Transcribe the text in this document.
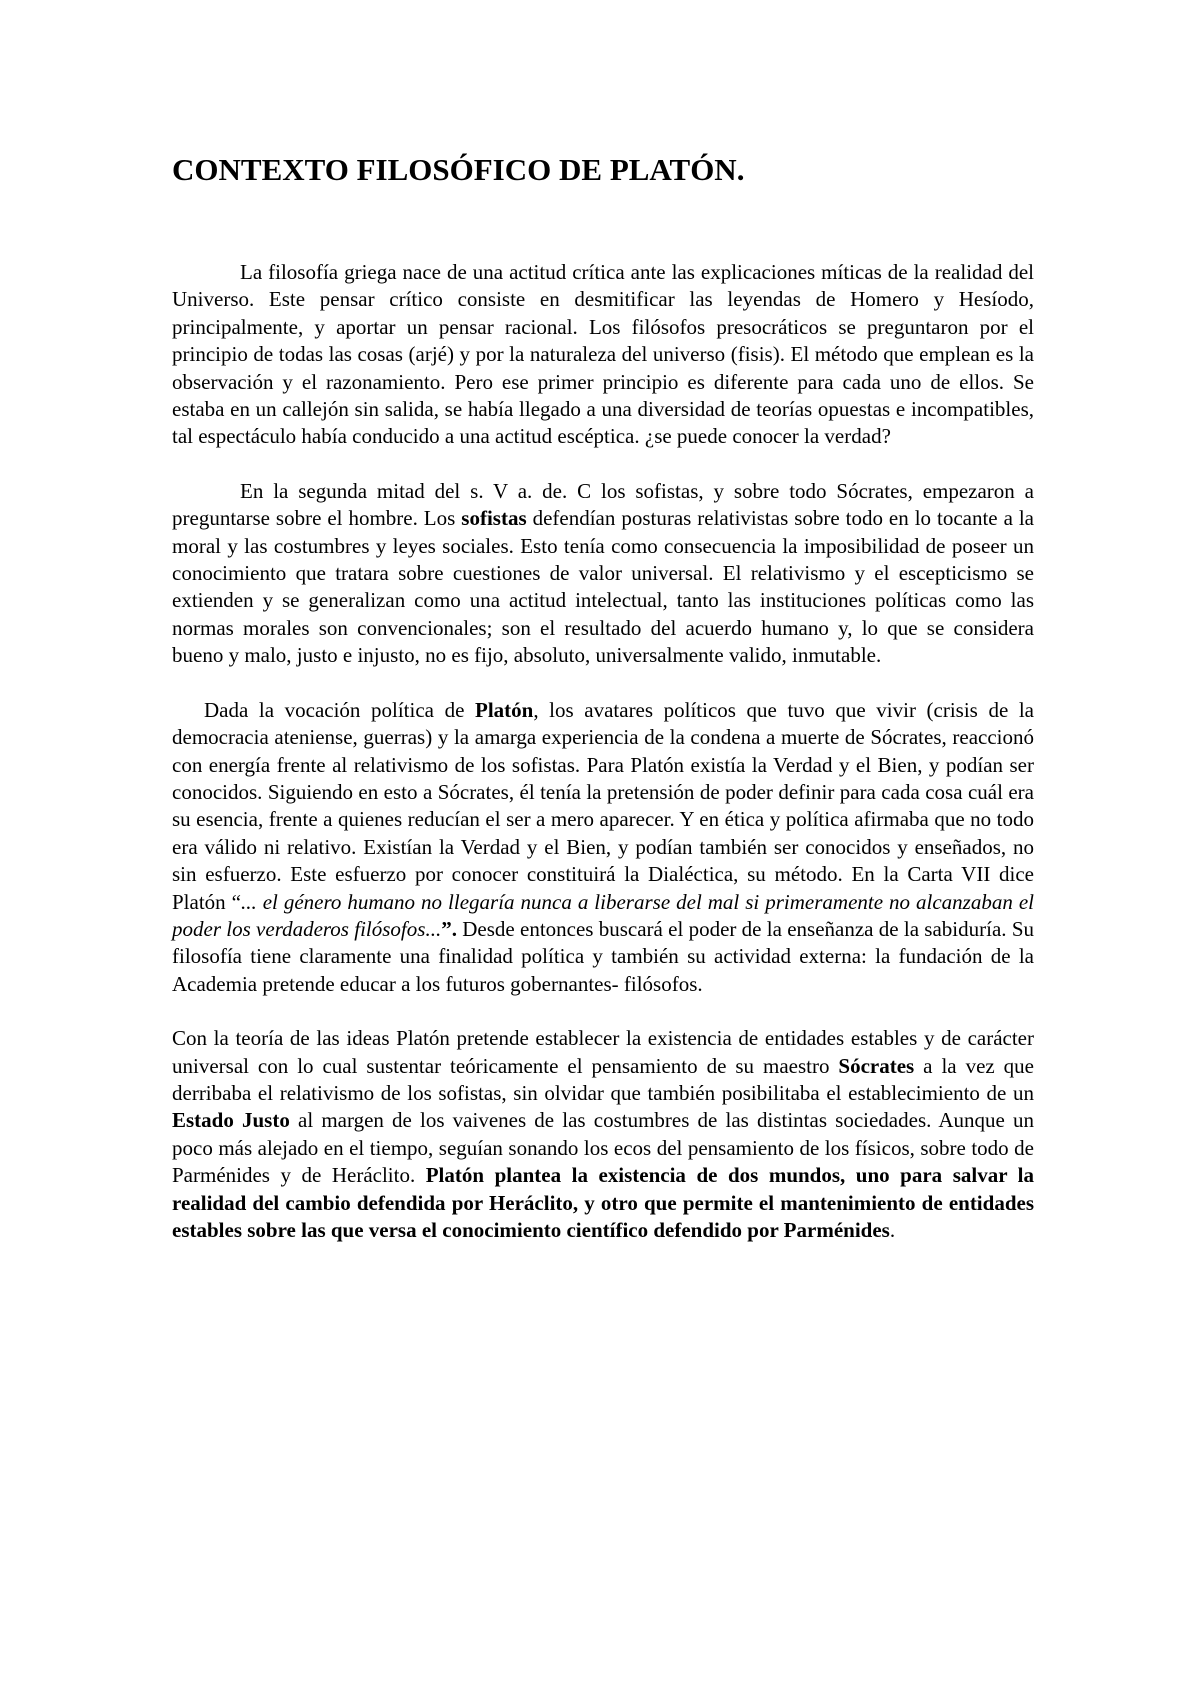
CONTEXTO FILOSÓFICO DE PLATÓN.

La filosofía griega nace de una actitud crítica ante las explicaciones míticas de la realidad del Universo. Este pensar crítico consiste en desmitificar las leyendas de Homero y Hesíodo, principalmente, y aportar un pensar racional. Los filósofos presocráticos se preguntaron por el principio de todas las cosas (arjé) y por la naturaleza del universo (fisis). El método que emplean es la observación y el razonamiento. Pero ese primer principio es diferente para cada uno de ellos. Se estaba en un callejón sin salida, se había llegado a una diversidad de teorías opuestas e incompatibles, tal espectáculo había conducido a una actitud escéptica. ¿se puede conocer la verdad?

En la segunda mitad del s. V a. de. C los sofistas, y sobre todo Sócrates, empezaron a preguntarse sobre el hombre. Los sofistas defendían posturas relativistas sobre todo en lo tocante a la moral y las costumbres y leyes sociales. Esto tenía como consecuencia la imposibilidad de poseer un conocimiento que tratara sobre cuestiones de valor universal. El relativismo y el escepticismo se extienden y se generalizan como una actitud intelectual, tanto las instituciones políticas como las normas morales son convencionales; son el resultado del acuerdo humano y, lo que se considera bueno y malo, justo e injusto, no es fijo, absoluto, universalmente valido, inmutable.

Dada la vocación política de Platón, los avatares políticos que tuvo que vivir (crisis de la democracia ateniense, guerras) y la amarga experiencia de la condena a muerte de Sócrates, reaccionó con energía frente al relativismo de los sofistas. Para Platón existía la Verdad y el Bien, y podían ser conocidos. Siguiendo en esto a Sócrates, él tenía la pretensión de poder definir para cada cosa cuál era su esencia, frente a quienes reducían el ser a mero aparecer. Y en ética y política afirmaba que no todo era válido ni relativo. Existían la Verdad y el Bien, y podían también ser conocidos y enseñados, no sin esfuerzo. Este esfuerzo por conocer constituirá la Dialéctica, su método. En la Carta VII dice Platón “... el género humano no llegaría nunca a liberarse del mal si primeramente no alcanzaban el poder los verdaderos filósofos...”. Desde entonces buscará el poder de la enseñanza de la sabiduría. Su filosofía tiene claramente una finalidad política y también su actividad externa: la fundación de la Academia pretende educar a los futuros gobernantes- filósofos.

Con la teoría de las ideas Platón pretende establecer la existencia de entidades estables y de carácter universal con lo cual sustentar teóricamente el pensamiento de su maestro Sócrates a la vez que derribaba el relativismo de los sofistas, sin olvidar que también posibilitaba el establecimiento de un Estado Justo al margen de los vaivenes de las costumbres de las distintas sociedades. Aunque un poco más alejado en el tiempo, seguían sonando los ecos del pensamiento de los físicos, sobre todo de Parménides y de Heráclito. Platón plantea la existencia de dos mundos, uno para salvar la realidad del cambio defendida por Heráclito, y otro que permite el mantenimiento de entidades estables sobre las que versa el conocimiento científico defendido por Parménides.
